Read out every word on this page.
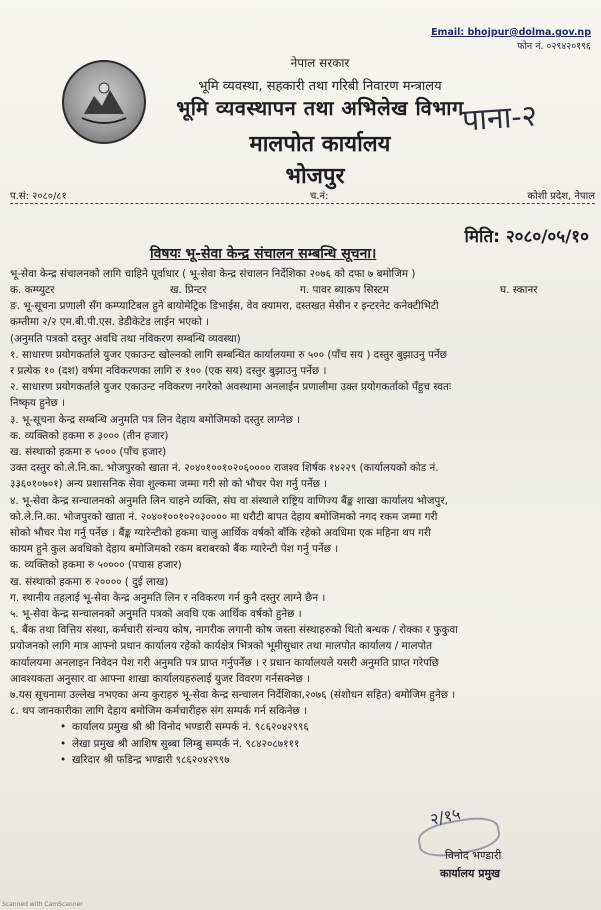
Email: bhojpur@dolma.gov.np
फोन नं. ०२९४२०१९६
नेपाल सरकार
भूमि व्यवस्था, सहकारी तथा गरिबी निवारण मन्त्रालय
भूमि व्यवस्थापन तथा अभिलेख विभाग
मालपोत कार्यालय
भोजपुर
पाना-२
प.सं: २०८०/८१	च.नं:	कोशी प्रदेश, नेपाल
मिति: २०८०/०५/१०
विषयः भू-सेवा केन्द्र संचालन सम्बन्धि सूचना।

भू-सेवा केन्द्र संचालनको लागि चाहिने पूर्वाधार ( भू-सेवा केन्द्र संचालन निर्देशिका २०७६ को दफा ७ बमोजिम )

क. कम्प्युटर	ख. प्रिन्टर	ग. पावर ब्याकप सिस्टम	घ. स्कानर

ङ. भू-सूचना प्रणाली सँग कम्प्याटिबल हुने बायोमेट्रिक डिभाईस, वेव क्यामरा, दस्तखत मेसीन र इन्टरनेट कनेक्टीभिटी

कम्तीमा २/२ एम.बी.पी.एस. डेडीकेटेड लाईन भएको ।

(अनुमति पत्रको दस्तुर अवधि तथा नविकरण सम्बन्धि व्यवस्था)

१. साधारण प्रयोगकर्ताले युजर एकाउन्ट खोल्नको लागि सम्बन्धित कार्यालयमा रु ५०० (पाँच सय ) दस्तुर बुझाउनु पर्नेछ

र प्रत्येक १० (दश) वर्षमा नविकरणका लागि रु १०० (एक सय) दस्तुर बुझाउनु पर्नेछ ।

२. साधारण प्रयोगकर्ताले युजर एकाउन्ट नविकरण नगरेको अवस्थामा अनलाईन प्रणालीमा उक्त प्रयोगकर्ताको पँहुच स्वतः

निष्कृय हुनेछ ।

३. भू-सूचना केन्द्र सम्बन्धि अनुमति पत्र लिन देहाय बमोजिमको दस्तुर लाग्नेछ ।

क. व्यक्तिको हकमा रु ३००० (तीन हजार)

ख. संस्थाको हकमा रु ५००० (पाँच हजार)

उक्त दस्तुर को.ले.नि.का. भोजपुरको खाता नं. २०४०१००१०२०६०००० राजश्व शिर्षक १४२२९ (कार्यालयको कोड नं.

३३६०१०७०१) अन्य प्रशासनिक सेवा शुल्कमा जम्मा गरी सो को भौचर पेश गर्नु पर्नेछ ।

४. भू-सेवा केन्द्र सन्चालनको अनुमति लिन चाहने व्यक्ति, संघ वा संस्थाले राष्ट्रिय वाणिज्य बैंङ्क शाखा कार्यालय भोजपुर,

को.ले.नि.का. भोजपुरको खाता नं. २०४०१००१०२०३०००० मा धरौटी बापत देहाय बमोजिमको नगद रकम जम्मा गरी

सोको भौचर पेश गर्नु पर्नेछ । बैंङ्क ग्यारेन्टीको हकमा चालु आर्थिक वर्षको बाँकि रहेको अवधिमा एक महिना थप गरी

कायम हुने कुल अवधिको देहाय बमोजिमको रकम बराबरको बैंक ग्यारेन्टी पेश गर्नु पर्नेछ ।

क. व्यक्तिको हकमा रु ५०००० (पचास हजार)

ख. संस्थाको हकमा रु २०००० ( दुई लाख)

ग. स्थानीय तहलाई भू-सेवा केन्द्र अनुमति लिन र नविकरण गर्न कुनै दस्तुर लाग्ने छैन ।

५. भू-सेवा केन्द्र सन्चालनको अनुमति पत्रको अवधि एक आर्थिक वर्षको हुनेछ ।

६. बैंक तथा वित्तिय संस्था, कर्मचारी संन्चय कोष, नागरीक लगानी कोष जस्ता संस्थाहरुको धितो बन्धक / रोक्का र फुकुवा

प्रयोजनको लागि मात्र आफ्नो प्रधान कार्यालय रहेको कार्यक्षेत्र भित्रको भूमीसुधार तथा मालपोत कार्यालय / मालपोत

कार्यालयमा अनलाइन निवेदन पेश गरी अनुमति पत्र प्राप्त गर्नुपर्नेछ । र प्रधान कार्यालयले यसरी अनुमति प्राप्त गरेपछि

आवश्यकता अनुसार वा आफ्ना शाखा कार्यालयहरुलाई युजर विवरण गर्नसक्नेछ ।

७.यस सूचनामा उल्लेख नभएका अन्य कुराहरु भू-सेवा केन्द्र सन्चालन निर्देशिका,२०७६ (संशोधन सहित) बमोजिम हुनेछ ।

८. थप जानकारीका लागि देहाय बमोजिम कर्मचारीहरु संग सम्पर्क गर्न सकिनेछ ।

• कार्यालय प्रमुख श्री श्री विनोद भण्डारी सम्पर्क नं. ९८६२०४२९९६
• लेखा प्रमुख श्री आशिष सुब्बा लिम्बु सम्पर्क नं. ९८४२०८७१११
• खरिदार श्री फडिन्द्र भण्डारी ९८६२०४२९९७
२/१५
विनोद भण्डारी
कार्यालय प्रमुख
Scanned with CamScanner
